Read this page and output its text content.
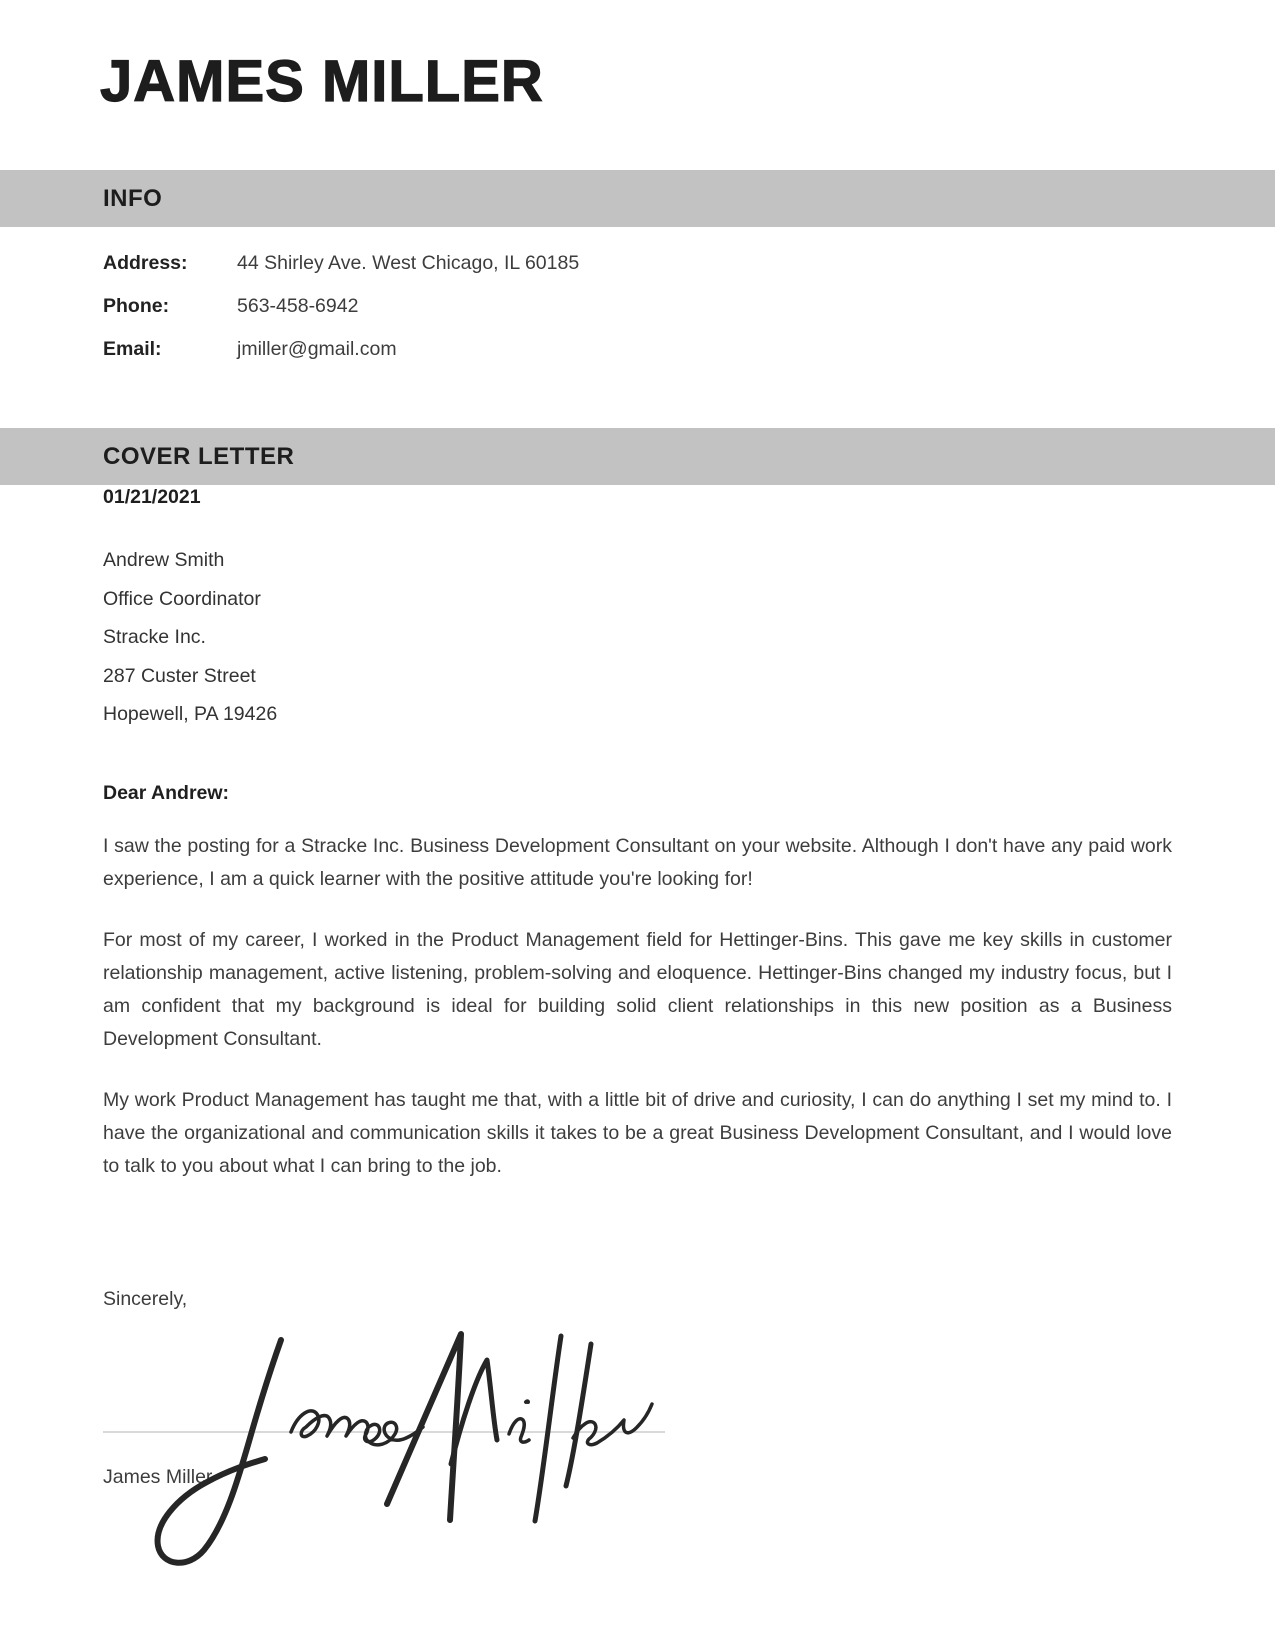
JAMES MILLER
INFO
Address:	44 Shirley Ave. West Chicago, IL 60185
Phone:	563-458-6942
Email:	jmiller@gmail.com
COVER LETTER
01/21/2021
Andrew Smith
Office Coordinator
Stracke Inc.
287 Custer Street
Hopewell, PA 19426
Dear Andrew:

I saw the posting for a Stracke Inc. Business Development Consultant on your website. Although I don't have any paid work experience, I am a quick learner with the positive attitude you're looking for!

For most of my career, I worked in the Product Management field for Hettinger-Bins. This gave me key skills in customer relationship management, active listening, problem-solving and eloquence. Hettinger-Bins changed my industry focus, but I am confident that my background is ideal for building solid client relationships in this new position as a Business Development Consultant.

My work Product Management has taught me that, with a little bit of drive and curiosity, I can do anything I set my mind to. I have the organizational and communication skills it takes to be a great Business Development Consultant, and I would love to talk to you about what I can bring to the job.

Sincerely,
James Miller
